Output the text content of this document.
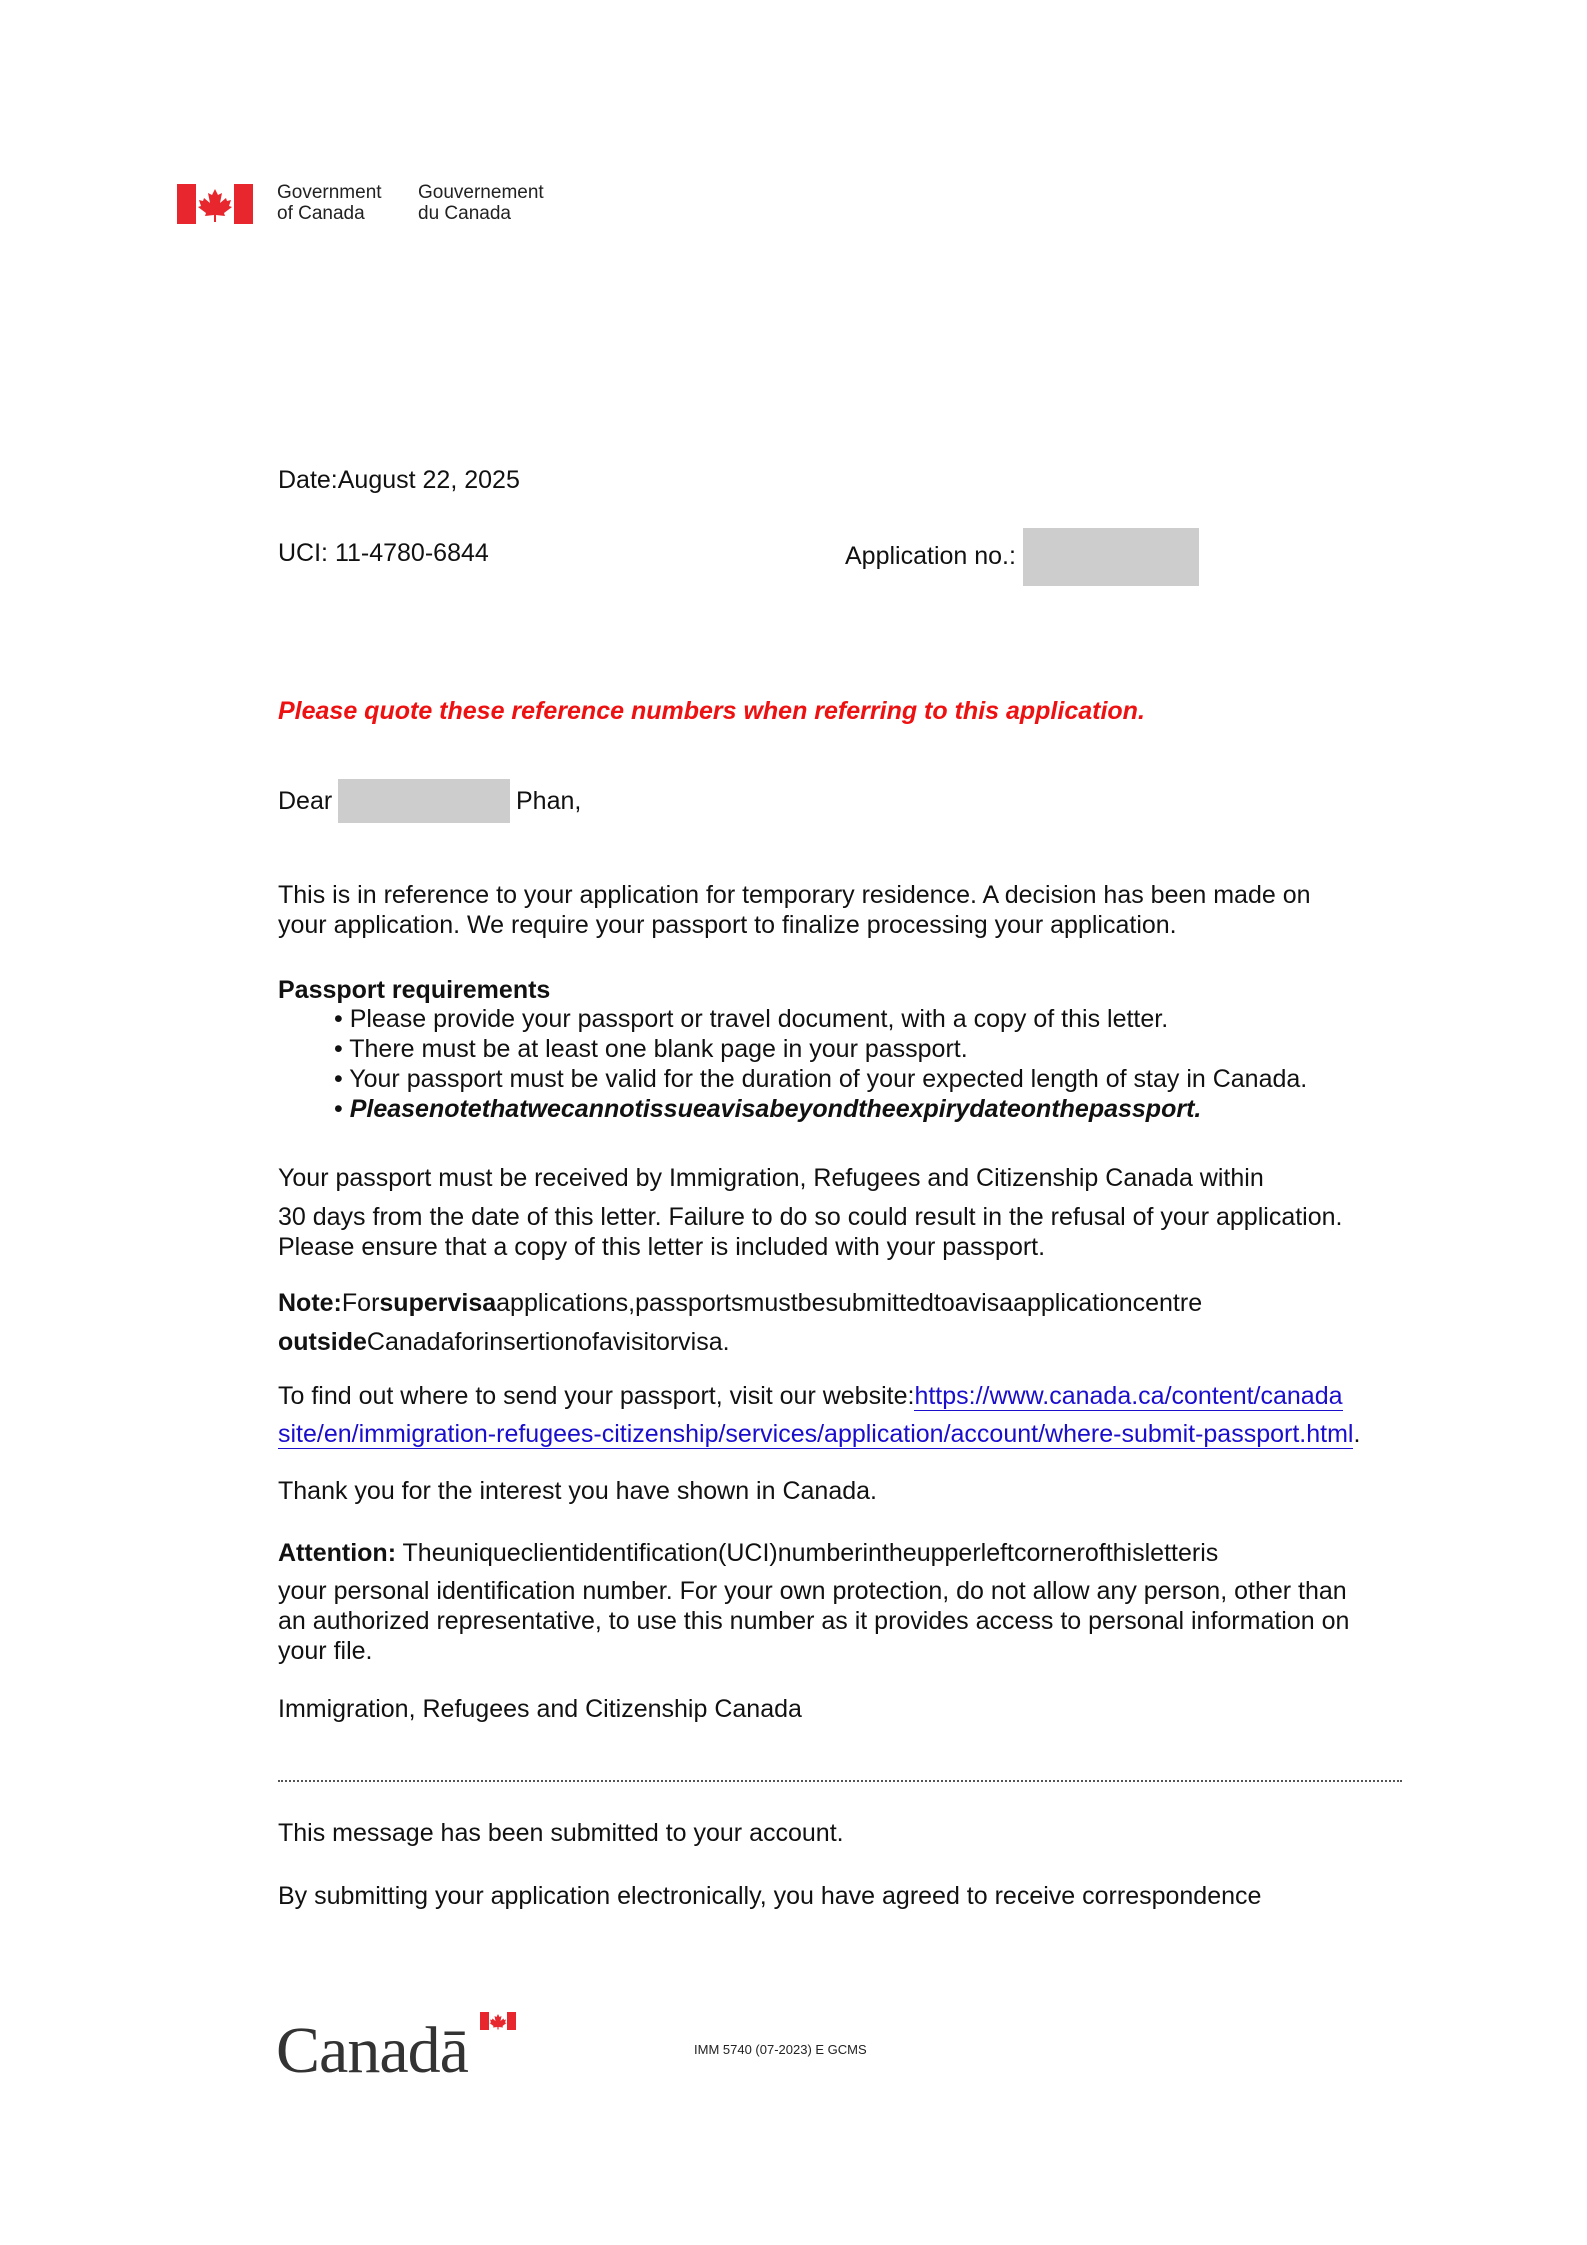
Government
of Canada
Gouvernement
du Canada
Date:August 22, 2025
UCI: 11-4780-6844	Application no.:
Please quote these reference numbers when referring to this application.
Dear	Phan,
This is in reference to your application for temporary residence. A decision has been made on
your application. We require your passport to finalize processing your application.
Passport requirements
• Please provide your passport or travel document, with a copy of this letter.
• There must be at least one blank page in your passport.
• Your passport must be valid for the duration of your expected length of stay in Canada.
• Pleasenotethatwecannotissueavisabeyondtheexpirydateonthepassport.
Your passport must be received by Immigration, Refugees and Citizenship Canada within
30 days from the date of this letter. Failure to do so could result in the refusal of your application.
Please ensure that a copy of this letter is included with your passport.
Note:Forsupervisaapplications,passportsmustbesubmittedtoavisaapplicationcentre
outsideCanadaforinsertionofavisitorvisa.
To find out where to send your passport, visit our website:https://www.canada.ca/content/canada
site/en/immigration-refugees-citizenship/services/application/account/where-submit-passport.html.
Thank you for the interest you have shown in Canada.
Attention: Theuniqueclientidentification(UCI)numberintheupperleftcornerofthisletteris
your personal identification number. For your own protection, do not allow any person, other than
an authorized representative, to use this number as it provides access to personal information on
your file.
Immigration, Refugees and Citizenship Canada
This message has been submitted to your account.
By submitting your application electronically, you have agreed to receive correspondence
Canadā	IMM 5740 (07-2023) E GCMS
